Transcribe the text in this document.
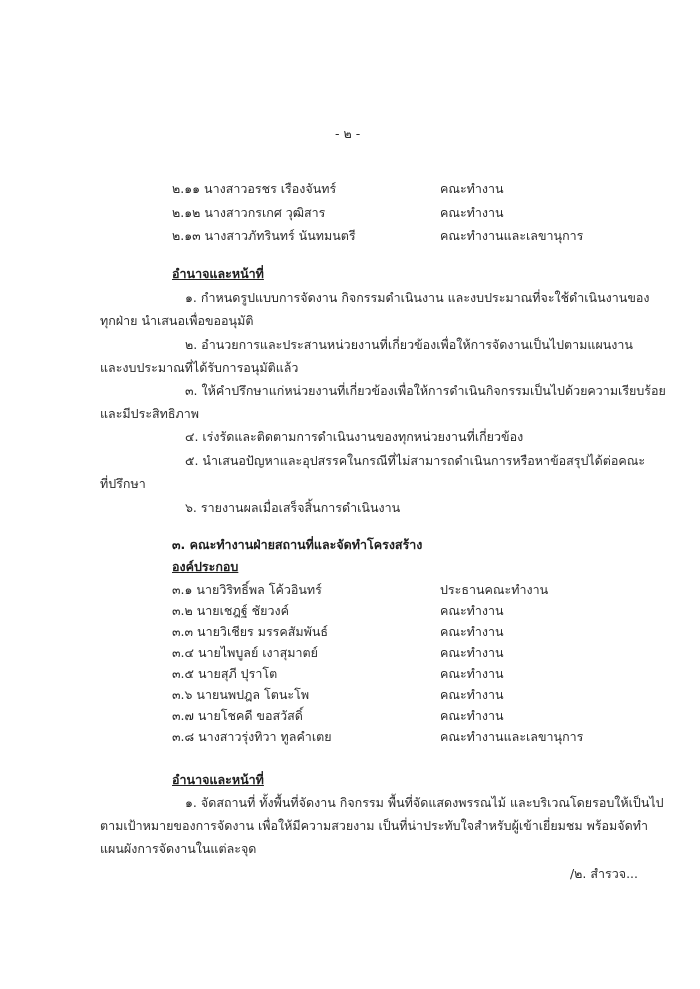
- ๒ -
๒.๑๑ นางสาวอรชร เรืองจันทร์	คณะทำงาน
๒.๑๒ นางสาวกรเกศ วุฒิสาร	คณะทำงาน
๒.๑๓ นางสาวภัทรินทร์ นันทมนตรี	คณะทำงานและเลขานุการ
อำนาจและหน้าที่
๑. กำหนดรูปแบบการจัดงาน กิจกรรมดำเนินงาน และงบประมาณที่จะใช้ดำเนินงานของ
ทุกฝ่าย นำเสนอเพื่อขออนุมัติ
๒. อำนวยการและประสานหน่วยงานที่เกี่ยวข้องเพื่อให้การจัดงานเป็นไปตามแผนงาน
และงบประมาณที่ได้รับการอนุมัติแล้ว
๓. ให้คำปรึกษาแก่หน่วยงานที่เกี่ยวข้องเพื่อให้การดำเนินกิจกรรมเป็นไปด้วยความเรียบร้อย
และมีประสิทธิภาพ
๔. เร่งรัดและติดตามการดำเนินงานของทุกหน่วยงานที่เกี่ยวข้อง
๕. นำเสนอปัญหาและอุปสรรคในกรณีที่ไม่สามารถดำเนินการหรือหาข้อสรุปได้ต่อคณะ
ที่ปรึกษา
๖. รายงานผลเมื่อเสร็จสิ้นการดำเนินงาน
๓. คณะทำงานฝ่ายสถานที่และจัดทำโครงสร้าง
องค์ประกอบ
๓.๑ นายวิริทธิ์พล โค้วอินทร์	ประธานคณะทำงาน
๓.๒ นายเชฎฐ์ ชัยวงค์	คณะทำงาน
๓.๓ นายวิเชียร มรรคสัมพันธ์	คณะทำงาน
๓.๔ นายไพบูลย์ เงาสุมาตย์	คณะทำงาน
๓.๕ นายสุภี ปุราโต	คณะทำงาน
๓.๖ นายนพปฎล โตนะโพ	คณะทำงาน
๓.๗ นายโชคดี ขอสวัสดิ์	คณะทำงาน
๓.๘ นางสาวรุ่งทิวา ทูลคำเตย	คณะทำงานและเลขานุการ
อำนาจและหน้าที่
๑. จัดสถานที่ ทั้งพื้นที่จัดงาน กิจกรรม พื้นที่จัดแสดงพรรณไม้ และบริเวณโดยรอบให้เป็นไป
ตามเป้าหมายของการจัดงาน เพื่อให้มีความสวยงาม เป็นที่น่าประทับใจสำหรับผู้เข้าเยี่ยมชม พร้อมจัดทำ
แผนผังการจัดงานในแต่ละจุด
/๒. สำรวจ...
